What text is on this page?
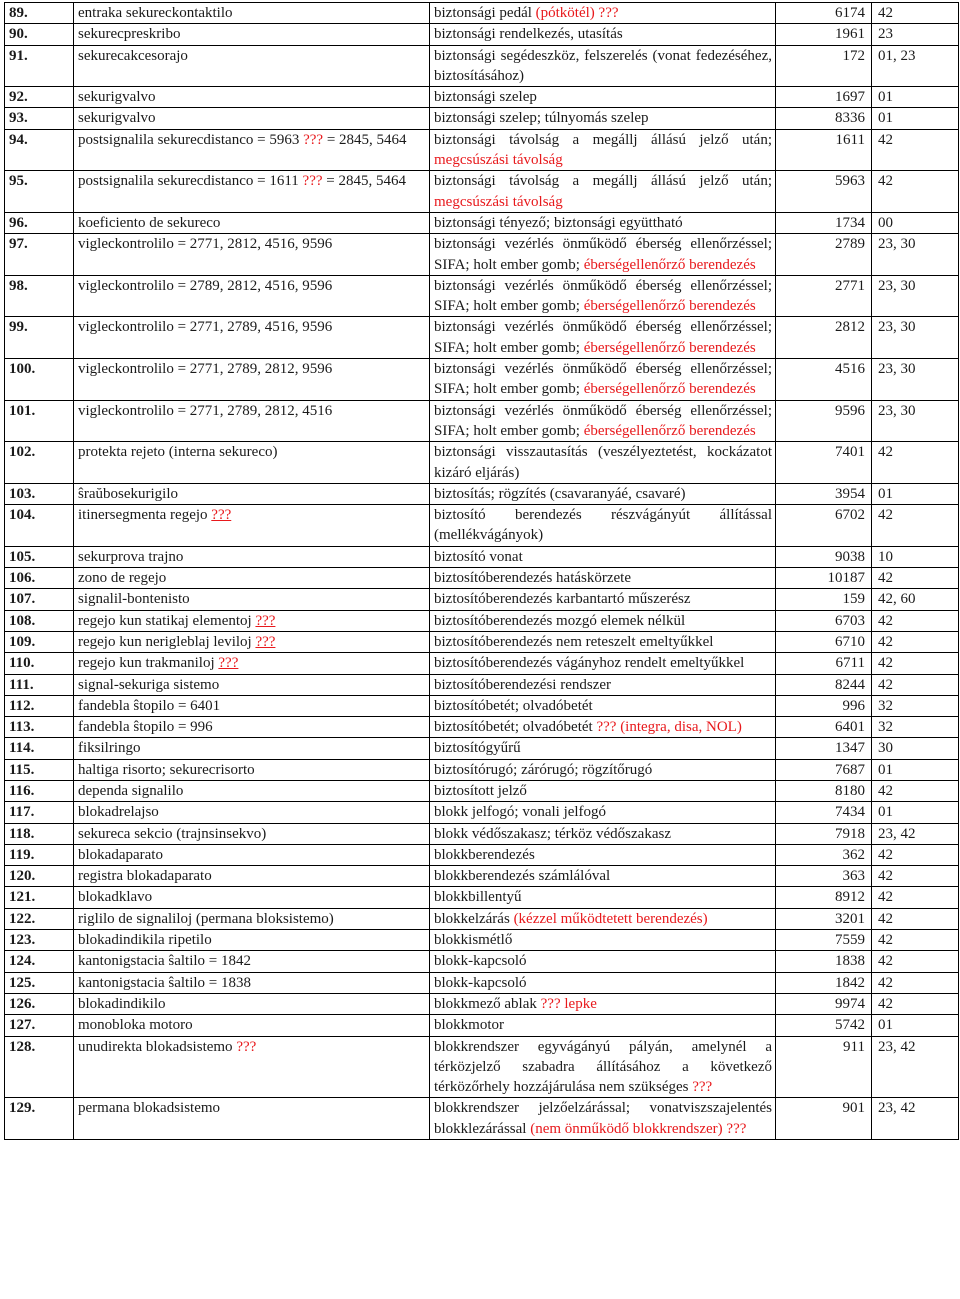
89.	entraka sekureckontaktilo	biztonsági pedál (pótkötél) ???	6174	42
90.	sekurecpreskribo	biztonsági rendelkezés, utasítás	1961	23
91.	sekurecakcesorajo	biztonsági segédeszköz, felszerelés (vonat fedezéséhez, biztosításához)	172	01, 23
92.	sekurigvalvo	biztonsági szelep	1697	01
93.	sekurigvalvo	biztonsági szelep; túlnyomás szelep	8336	01
94.	postsignalila sekurecdistanco = 5963 ??? = 2845, 5464	biztonsági távolság a megállj állású jelző után; megcsúszási távolság	1611	42
95.	postsignalila sekurecdistanco = 1611 ??? = 2845, 5464	biztonsági távolság a megállj állású jelző után; megcsúszási távolság	5963	42
96.	koeficiento de sekureco	biztonsági tényező; biztonsági együttható	1734	00
97.	vigleckontrolilo = 2771, 2812, 4516, 9596	biztonsági vezérlés önműködő éberség ellenőrzéssel; SIFA; holt ember gomb; éberségellenőrző berendezés	2789	23, 30
98.	vigleckontrolilo = 2789, 2812, 4516, 9596	biztonsági vezérlés önműködő éberség ellenőrzéssel; SIFA; holt ember gomb; éberségellenőrző berendezés	2771	23, 30
99.	vigleckontrolilo = 2771, 2789, 4516, 9596	biztonsági vezérlés önműködő éberség ellenőrzéssel; SIFA; holt ember gomb; éberségellenőrző berendezés	2812	23, 30
100.	vigleckontrolilo = 2771, 2789, 2812, 9596	biztonsági vezérlés önműködő éberség ellenőrzéssel; SIFA; holt ember gomb; éberségellenőrző berendezés	4516	23, 30
101.	vigleckontrolilo = 2771, 2789, 2812, 4516	biztonsági vezérlés önműködő éberség ellenőrzéssel; SIFA; holt ember gomb; éberségellenőrző berendezés	9596	23, 30
102.	protekta rejeto (interna sekureco)	biztonsági visszautasítás (veszélyeztetést, kockázatot kizáró eljárás)	7401	42
103.	ŝraŭbosekurigilo	biztosítás; rögzítés (csavaranyáé, csavaré)	3954	01
104.	itinersegmenta regejo ???	biztosító berendezés részvágányút állítással (mellékvágányok)	6702	42
105.	sekurprova trajno	biztosító vonat	9038	10
106.	zono de regejo	biztosítóberendezés hatáskörzete	10187	42
107.	signalil-bontenisto	biztosítóberendezés karbantartó műszerész	159	42, 60
108.	regejo kun statikaj elementoj ???	biztosítóberendezés mozgó elemek nélkül	6703	42
109.	regejo kun nerigleblaj leviloj ???	biztosítóberendezés nem reteszelt emeltyűkkel	6710	42
110.	regejo kun trakmaniloj ???	biztosítóberendezés vágányhoz rendelt emeltyűkkel	6711	42
111.	signal-sekuriga sistemo	biztosítóberendezési rendszer	8244	42
112.	fandebla ŝtopilo = 6401	biztosítóbetét; olvadóbetét	996	32
113.	fandebla ŝtopilo = 996	biztosítóbetét; olvadóbetét ??? (integra, disa, NOL)	6401	32
114.	fiksilringo	biztosítógyűrű	1347	30
115.	haltiga risorto; sekurecrisorto	biztosítórugó; zárórugó; rögzítőrugó	7687	01
116.	dependa signalilo	biztosított jelző	8180	42
117.	blokadrelajso	blokk jelfogó; vonali jelfogó	7434	01
118.	sekureca sekcio (trajnsinsekvo)	blokk védőszakasz; térköz védőszakasz	7918	23, 42
119.	blokadaparato	blokkberendezés	362	42
120.	registra blokadaparato	blokkberendezés számlálóval	363	42
121.	blokadklavo	blokkbillentyű	8912	42
122.	riglilo de signaliloj (permana bloksistemo)	blokkelzárás (kézzel működtetett berendezés)	3201	42
123.	blokadindikila ripetilo	blokkismétlő	7559	42
124.	kantonigstacia ŝaltilo = 1842	blokk-kapcsoló	1838	42
125.	kantonigstacia ŝaltilo = 1838	blokk-kapcsoló	1842	42
126.	blokadindikilo	blokkmező ablak ??? lepke	9974	42
127.	monobloka motoro	blokkmotor	5742	01
128.	unudirekta blokadsistemo ???	blokkrendszer egyvágányú pályán, amelynél a térközjelző szabadra állításához a következő térközőrhely hozzájárulása nem szükséges ???	911	23, 42
129.	permana blokadsistemo	blokkrendszer jelzőelzárással; vonatviszszajelentés blokklezárással (nem önműködő blokkrendszer) ???	901	23, 42
